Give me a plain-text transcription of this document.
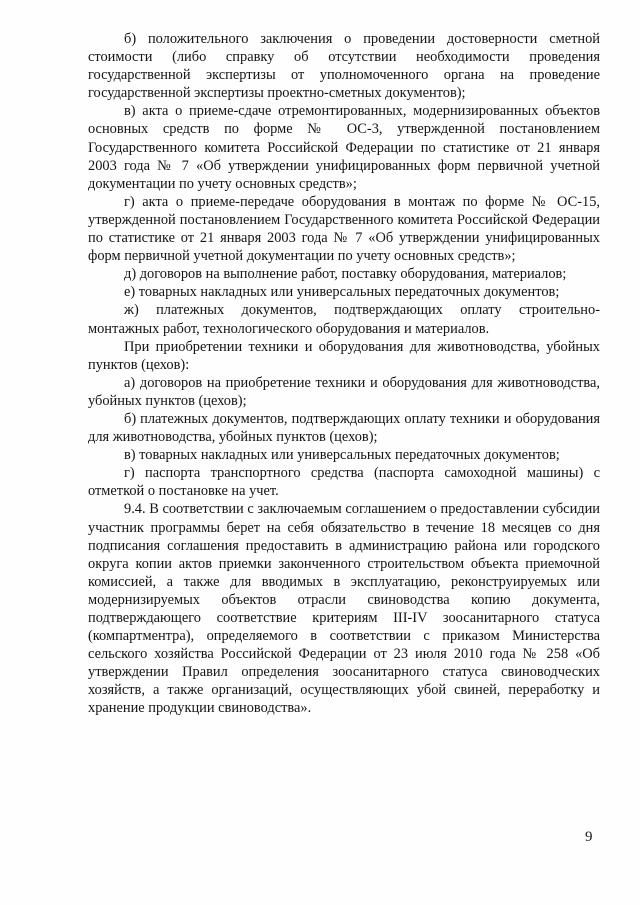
б) положительного заключения о проведении достоверности сметной стоимости (либо справку об отсутствии необходимости проведения государственной экспертизы от уполномоченного органа на проведение государственной экспертизы проектно-сметных документов);

в) акта о приеме-сдаче отремонтированных, модернизированных объектов основных средств по форме № ОС-3, утвержденной постановлением Государственного комитета Российской Федерации по статистике от 21 января 2003 года № 7 «Об утверждении унифицированных форм первичной учетной документации по учету основных средств»;

г) акта о приеме-передаче оборудования в монтаж по форме № ОС-15, утвержденной постановлением Государственного комитета Российской Федерации по статистике от 21 января 2003 года № 7 «Об утверждении унифицированных форм первичной учетной документации по учету основных средств»;

д) договоров на выполнение работ, поставку оборудования, материалов;

е) товарных накладных или универсальных передаточных документов;

ж) платежных документов, подтверждающих оплату строительно-монтажных работ, технологического оборудования и материалов.

При приобретении техники и оборудования для животноводства, убойных пунктов (цехов):

а) договоров на приобретение техники и оборудования для животноводства, убойных пунктов (цехов);

б) платежных документов, подтверждающих оплату техники и оборудования для животноводства, убойных пунктов (цехов);

в) товарных накладных или универсальных передаточных документов;

г) паспорта транспортного средства (паспорта самоходной машины) с отметкой о постановке на учет.

9.4. В соответствии с заключаемым соглашением о предоставлении субсидии участник программы берет на себя обязательство в течение 18 месяцев со дня подписания соглашения предоставить в администрацию района или городского округа копии актов приемки законченного строительством объекта приемочной комиссией, а также для вводимых в эксплуатацию, реконструируемых или модернизируемых объектов отрасли свиноводства копию документа, подтверждающего соответствие критериям III-IV зоосанитарного статуса (компартментра), определяемого в соответствии с приказом Министерства сельского хозяйства Российской Федерации от 23 июля 2010 года № 258 «Об утверждении Правил определения зоосанитарного статуса свиноводческих хозяйств, а также организаций, осуществляющих убой свиней, переработку и хранение продукции свиноводства».

9
